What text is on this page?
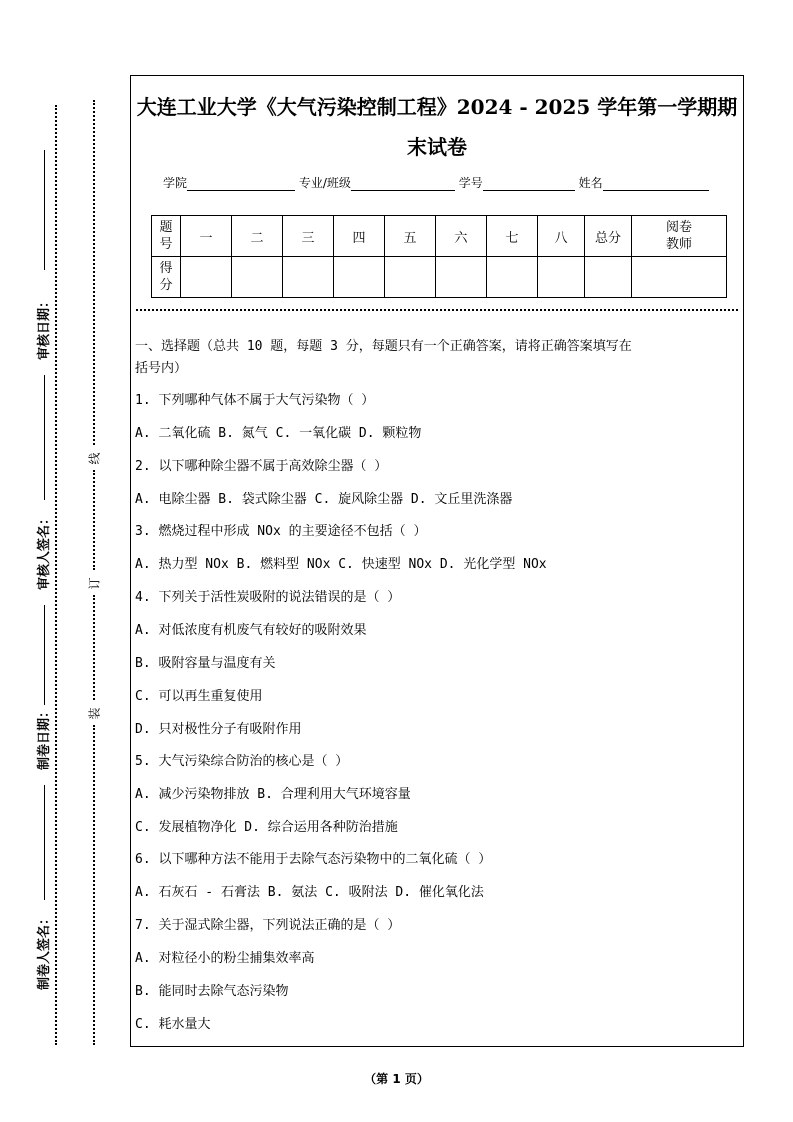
审核日期：
审核人签名：
制卷日期：
制卷人签名：
线
订
装
大连工业大学《大气污染控制工程》2024 - 2025 学年第一学期期
末试卷
学院	专业/班级	学号	姓名
题
号	一	二	三	四	五	六	七	八	总分	阅卷
教师
得
分										
一、选择题（总共 10 题，每题 3 分，每题只有一个正确答案，请将正确答案填写在
括号内）
1. 下列哪种气体不属于大气污染物（ ）
A. 二氧化硫 B. 氮气 C. 一氧化碳 D. 颗粒物
2. 以下哪种除尘器不属于高效除尘器（ ）
A. 电除尘器 B. 袋式除尘器 C. 旋风除尘器 D. 文丘里洗涤器
3. 燃烧过程中形成 NOx 的主要途径不包括（ ）
A. 热力型 NOx B. 燃料型 NOx C. 快速型 NOx D. 光化学型 NOx
4. 下列关于活性炭吸附的说法错误的是（ ）
A. 对低浓度有机废气有较好的吸附效果
B. 吸附容量与温度有关
C. 可以再生重复使用
D. 只对极性分子有吸附作用
5. 大气污染综合防治的核心是（ ）
A. 减少污染物排放 B. 合理利用大气环境容量
C. 发展植物净化 D. 综合运用各种防治措施
6. 以下哪种方法不能用于去除气态污染物中的二氧化硫（ ）
A. 石灰石 - 石膏法 B. 氨法 C. 吸附法 D. 催化氧化法
7. 关于湿式除尘器，下列说法正确的是（ ）
A. 对粒径小的粉尘捕集效率高
B. 能同时去除气态污染物
C. 耗水量大
（第 1 页）
